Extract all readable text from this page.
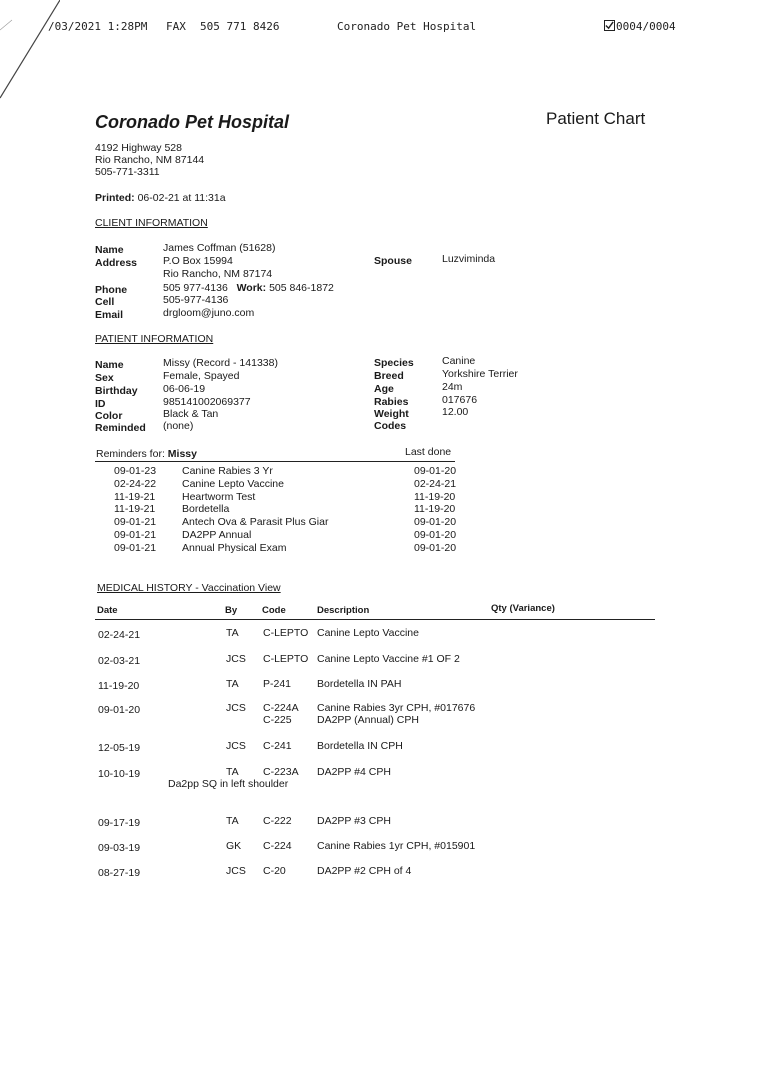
/03/2021 1:28PM FAX 505 771 8426	Coronado Pet Hospital	0004/0004
Coronado Pet Hospital	Patient Chart
4192 Highway 528
Rio Rancho, NM 87144
505-771-3311
Printed: 06-02-21 at 11:31a
CLIENT INFORMATION
Name	James Coffman (51628)
Address P.O Box 15994
Rio Rancho, NM 87174
Phone	505 977-4136 Work: 505 846-1872
Cell	505-977-4136
Email	drgloom@juno.com
Spouse	Luzviminda
PATIENT INFORMATION
Name	Missy (Record - 141338)
Sex	Female, Spayed
Birthday 06-06-19
ID	985141002069377
Color	Black & Tan
Reminded (none)
Species	Canine
Breed	Yorkshire Terrier
Age	24m
Rabies	017676
Weight	12.00
Codes
Reminders for: Missy	Last done
09-01-23 Canine Rabies 3 Yr	09-01-20
02-24-22 Canine Lepto Vaccine	02-24-21
11-19-21	Heartworm Test	11-19-20
11-19-21	Bordetella	11-19-20
09-01-21 Antech Ova & Parasit Plus Giar	09-01-20
09-01-21 DA2PP Annual	09-01-20
09-01-21 Annual Physical Exam	09-01-20
MEDICAL HISTORY - Vaccination View
Date	By	Code	Description	Qty (Variance)
02-24-21	TA C-LEPTO Canine Lepto Vaccine
02-03-21	JCS C-LEPTO Canine Lepto Vaccine #1 OF 2
11-19-20	TA P-241 Bordetella IN PAH
09-01-20	JCS C-224A Canine Rabies 3yr CPH, #017676
C-225 DA2PP (Annual) CPH
12-05-19	JCS C-241 Bordetella IN CPH
10-10-19	TA C-223A DA2PP #4 CPH
Da2pp SQ in left shoulder
09-17-19	TA C-222 DA2PP #3 CPH
09-03-19	GK C-224 Canine Rabies 1yr CPH, #015901
08-27-19	JCS C-20	DA2PP #2 CPH of 4
